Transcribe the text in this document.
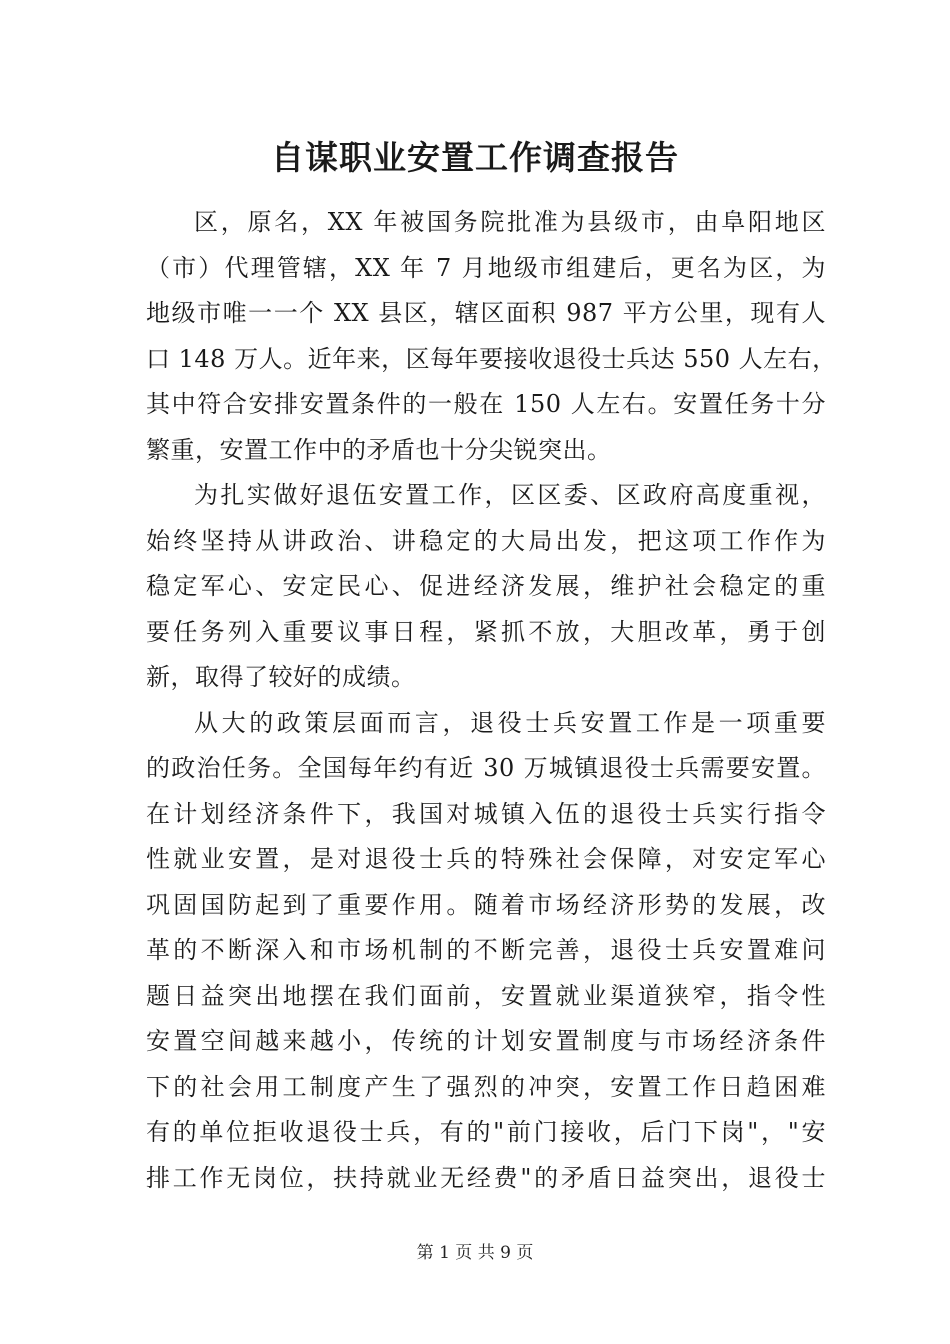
自谋职业安置工作调查报告
区，原名，XX 年被国务院批准为县级市，由阜阳地区
（市）代理管辖，XX 年 7 月地级市组建后，更名为区，为
地级市唯一一个 XX 县区，辖区面积 987 平方公里，现有人
口 148 万人。近年来，区每年要接收退役士兵达 550 人左右，
其中符合安排安置条件的一般在 150 人左右。安置任务十分
繁重，安置工作中的矛盾也十分尖锐突出。
为扎实做好退伍安置工作，区区委、区政府高度重视，
始终坚持从讲政治、讲稳定的大局出发，把这项工作作为
稳定军心、安定民心、促进经济发展，维护社会稳定的重
要任务列入重要议事日程，紧抓不放，大胆改革，勇于创
新，取得了较好的成绩。
从大的政策层面而言，退役士兵安置工作是一项重要
的政治任务。全国每年约有近 30 万城镇退役士兵需要安置。
在计划经济条件下，我国对城镇入伍的退役士兵实行指令
性就业安置，是对退役士兵的特殊社会保障，对安定军心
巩固国防起到了重要作用。随着市场经济形势的发展，改
革的不断深入和市场机制的不断完善，退役士兵安置难问
题日益突出地摆在我们面前，安置就业渠道狭窄，指令性
安置空间越来越小，传统的计划安置制度与市场经济条件
下的社会用工制度产生了强烈的冲突，安置工作日趋困难
有的单位拒收退役士兵，有的"前门接收，后门下岗"，"安
排工作无岗位，扶持就业无经费"的矛盾日益突出，退役士
第 1 页 共 9 页
